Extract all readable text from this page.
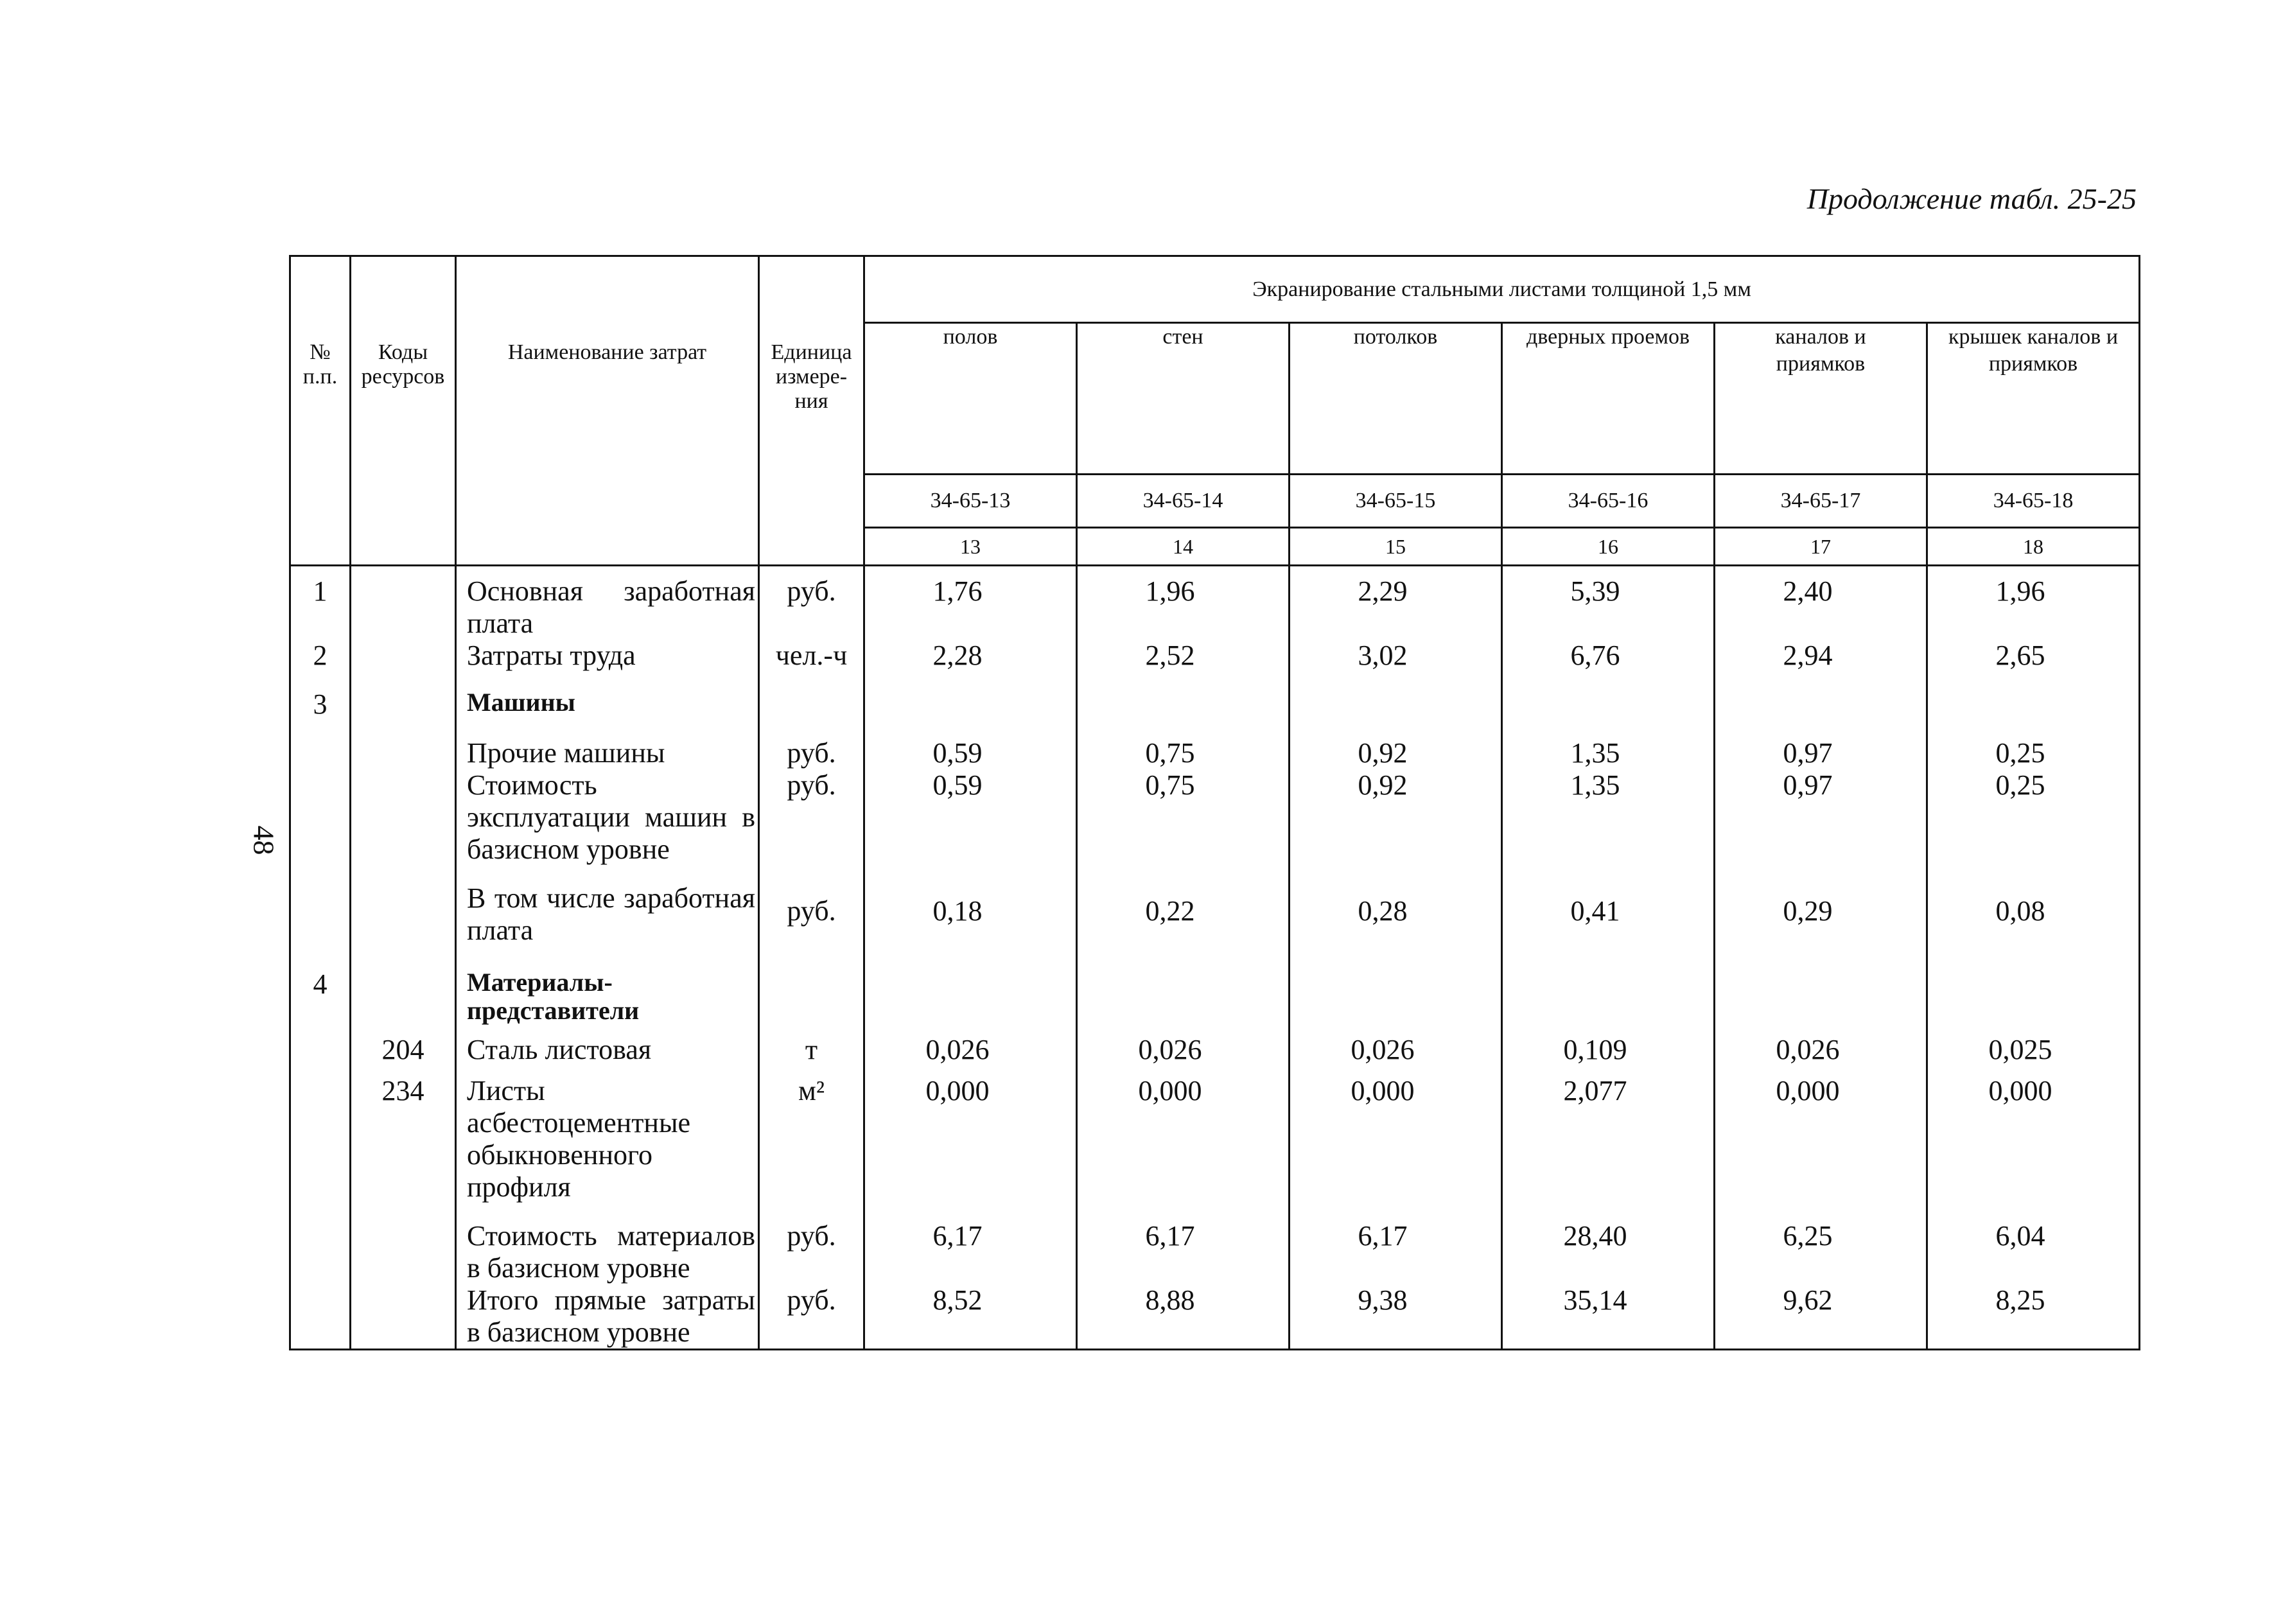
Продолжение табл. 25-25
48
№ п.п.	Коды ресурсов	Наименование затрат	Единица измере- ния	Экранирование стальными листами толщиной 1,5 мм					
				полов	стен	потолков	дверных проемов	каналов и приямков	крышек каналов и приямков
				34-65-13	34-65-14	34-65-15	34-65-16	34-65-17	34-65-18
				13	14	15	16	17	18
1		Основная заработная плата	руб.	1,76	1,96	2,29	5,39	2,40	1,96
2		Затраты труда	чел.-ч	2,28	2,52	3,02	6,76	2,94	2,65
3		Машины							
		Прочие машины	руб.	0,59	0,75	0,92	1,35	0,97	0,25
		Стоимость эксплуатации машин в базисном уровне	руб.	0,59	0,75	0,92	1,35	0,97	0,25
		В том числе заработная плата	руб.	0,18	0,22	0,28	0,41	0,29	0,08
4		Материалы-представители							
	204	Сталь листовая	т	0,026	0,026	0,026	0,109	0,026	0,025
	234	Листы асбестоцементные обыкновенного профиля	м²	0,000	0,000	0,000	2,077	0,000	0,000
		Стоимость материалов в базисном уровне	руб.	6,17	6,17	6,17	28,40	6,25	6,04
		Итого прямые затраты в базисном уровне	руб.	8,52	8,88	9,38	35,14	9,62	8,25
